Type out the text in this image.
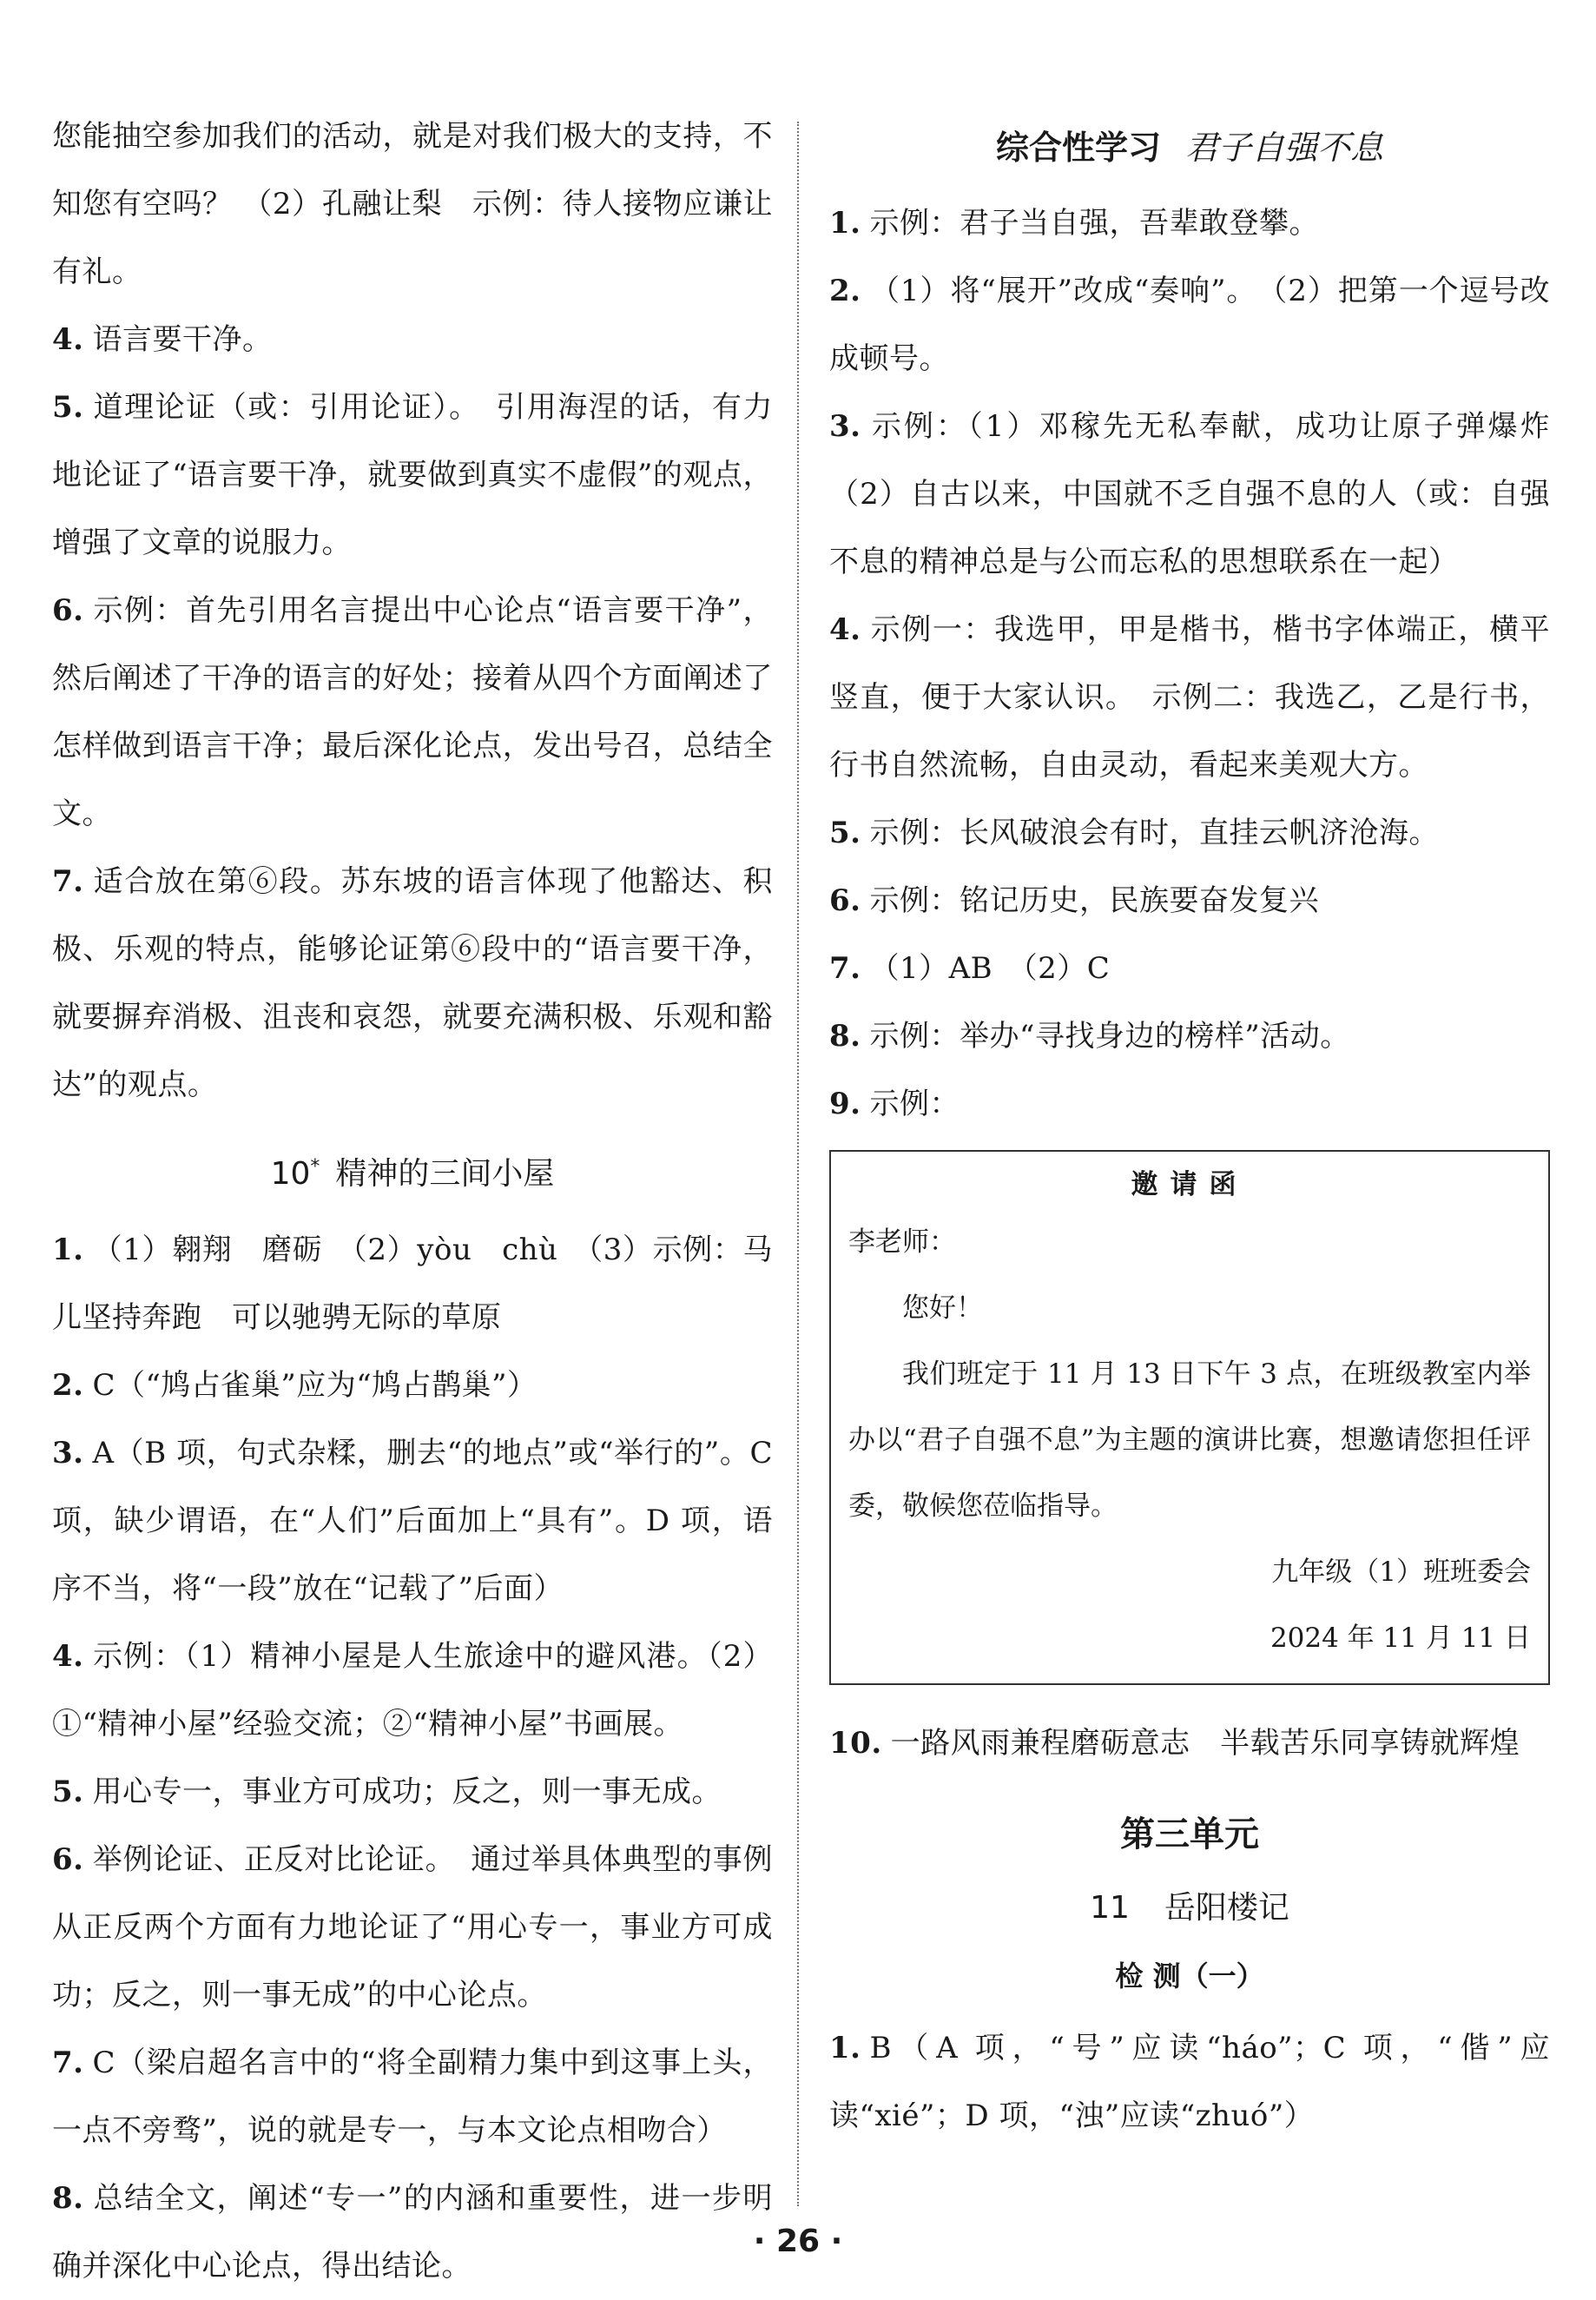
您能抽空参加我们的活动，就是对我们极大的支持，不知您有空吗？ （2）孔融让梨　示例：待人接物应谦让有礼。

4. 语言要干净。

5. 道理论证（或：引用论证）。　引用海涅的话，有力地论证了“语言要干净，就要做到真实不虚假”的观点，增强了文章的说服力。

6. 示例：首先引用名言提出中心论点“语言要干净”，然后阐述了干净的语言的好处；接着从四个方面阐述了怎样做到语言干净；最后深化论点，发出号召，总结全文。

7. 适合放在第⑥段。苏东坡的语言体现了他豁达、积极、乐观的特点，能够论证第⑥段中的“语言要干净，就要摒弃消极、沮丧和哀怨，就要充满积极、乐观和豁达”的观点。

10* 精神的三间小屋

1. （1）翱翔　磨砺　（2）yòu　chù　（3）示例：马儿坚持奔跑　可以驰骋无际的草原

2. C（“鸠占雀巢”应为“鸠占鹊巢”）

3. A（B 项，句式杂糅，删去“的地点”或“举行的”。C 项，缺少谓语，在“人们”后面加上“具有”。D 项，语序不当，将“一段”放在“记载了”后面）

4. 示例：（1）精神小屋是人生旅途中的避风港。（2）①“精神小屋”经验交流；②“精神小屋”书画展。

5. 用心专一，事业方可成功；反之，则一事无成。

6. 举例论证、正反对比论证。　通过举具体典型的事例从正反两个方面有力地论证了“用心专一，事业方可成功；反之，则一事无成”的中心论点。

7. C（梁启超名言中的“将全副精力集中到这事上头，一点不旁骛”，说的就是专一，与本文论点相吻合）

8. 总结全文，阐述“专一”的内涵和重要性，进一步明确并深化中心论点，得出结论。

综合性学习 君子自强不息

1. 示例：君子当自强，吾辈敢登攀。

2. （1）将“展开”改成“奏响”。　（2）把第一个逗号改成顿号。

3. 示例：（1）邓稼先无私奉献，成功让原子弹爆炸（2）自古以来，中国就不乏自强不息的人（或：自强不息的精神总是与公而忘私的思想联系在一起）

4. 示例一：我选甲，甲是楷书，楷书字体端正，横平竖直，便于大家认识。　示例二：我选乙，乙是行书，行书自然流畅，自由灵动，看起来美观大方。

5. 示例：长风破浪会有时，直挂云帆济沧海。

6. 示例：铭记历史，民族要奋发复兴

7. （1）AB　（2）C

8. 示例：举办“寻找身边的榜样”活动。

9. 示例：

邀请函

李老师：

您好！

我们班定于 11 月 13 日下午 3 点，在班级教室内举办以“君子自强不息”为主题的演讲比赛，想邀请您担任评委，敬候您莅临指导。

九年级（1）班班委会

2024 年 11 月 11 日

10. 一路风雨兼程磨砺意志　半载苦乐同享铸就辉煌

第三单元
11 岳阳楼记
检 测（一）

1. B（A 项，“号”应读“háo”；C 项，“偕”应读“xié”；D 项，“浊”应读“zhuó”）

· 26 ·
